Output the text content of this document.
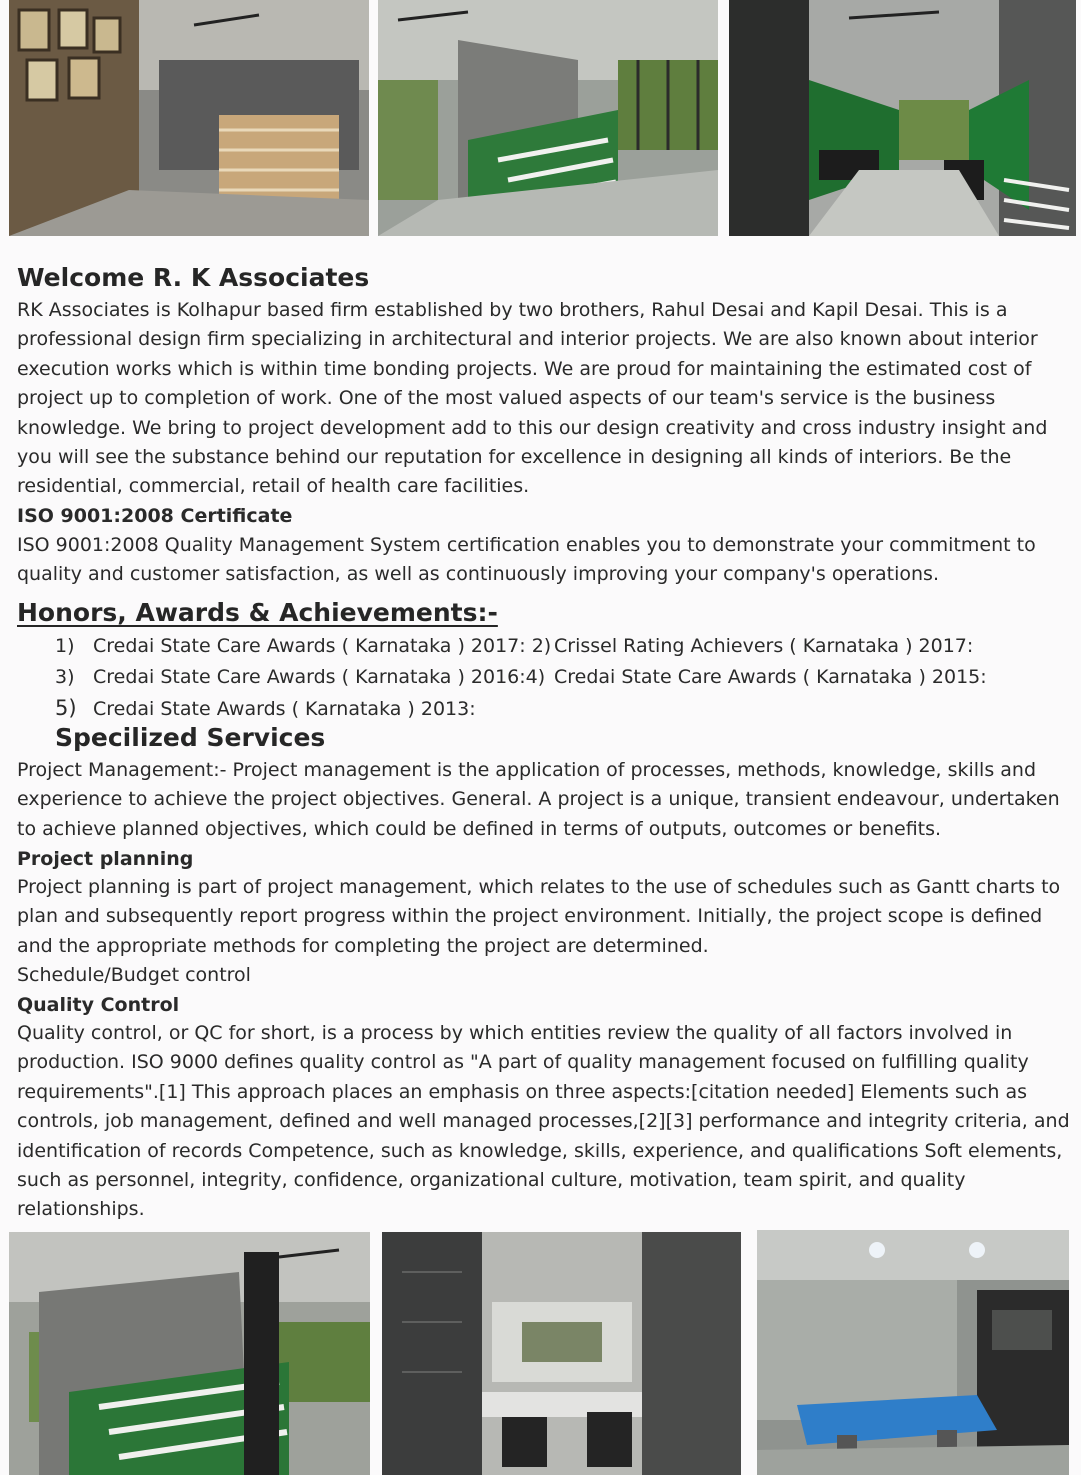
Welcome R. K Associates
RK Associates is Kolhapur based firm established by two brothers, Rahul Desai and Kapil Desai. This is a
professional design firm specializing in architectural and interior projects. We are also known about interior
execution works which is within time bonding projects. We are proud for maintaining the estimated cost of
project up to completion of work. One of the most valued aspects of our team's service is the business
knowledge. We bring to project development add to this our design creativity and cross industry insight and
you will see the substance behind our reputation for excellence in designing all kinds of interiors. Be the
residential, commercial, retail of health care facilities.
ISO 9001:2008 Certificate
ISO 9001:2008 Quality Management System certification enables you to demonstrate your commitment to
quality and customer satisfaction, as well as continuously improving your company's operations.
Honors, Awards & Achievements:-
1) Credai State Care Awards ( Karnataka ) 2017: 2) Crissel Rating Achievers ( Karnataka ) 2017:
3) Credai State Care Awards ( Karnataka ) 2016:4) Credai State Care Awards ( Karnataka ) 2015:
5) Credai State Awards ( Karnataka ) 2013:
Specilized Services
Project Management:- Project management is the application of processes, methods, knowledge, skills and
experience to achieve the project objectives. General. A project is a unique, transient endeavour, undertaken
to achieve planned objectives, which could be defined in terms of outputs, outcomes or benefits.
Project planning
Project planning is part of project management, which relates to the use of schedules such as Gantt charts to
plan and subsequently report progress within the project environment. Initially, the project scope is defined
and the appropriate methods for completing the project are determined.
Schedule/Budget control
Quality Control
Quality control, or QC for short, is a process by which entities review the quality of all factors involved in
production. ISO 9000 defines quality control as "A part of quality management focused on fulfilling quality
requirements".[1] This approach places an emphasis on three aspects:[citation needed] Elements such as
controls, job management, defined and well managed processes,[2][3] performance and integrity criteria, and
identification of records Competence, such as knowledge, skills, experience, and qualifications Soft elements,
such as personnel, integrity, confidence, organizational culture, motivation, team spirit, and quality
relationships.
